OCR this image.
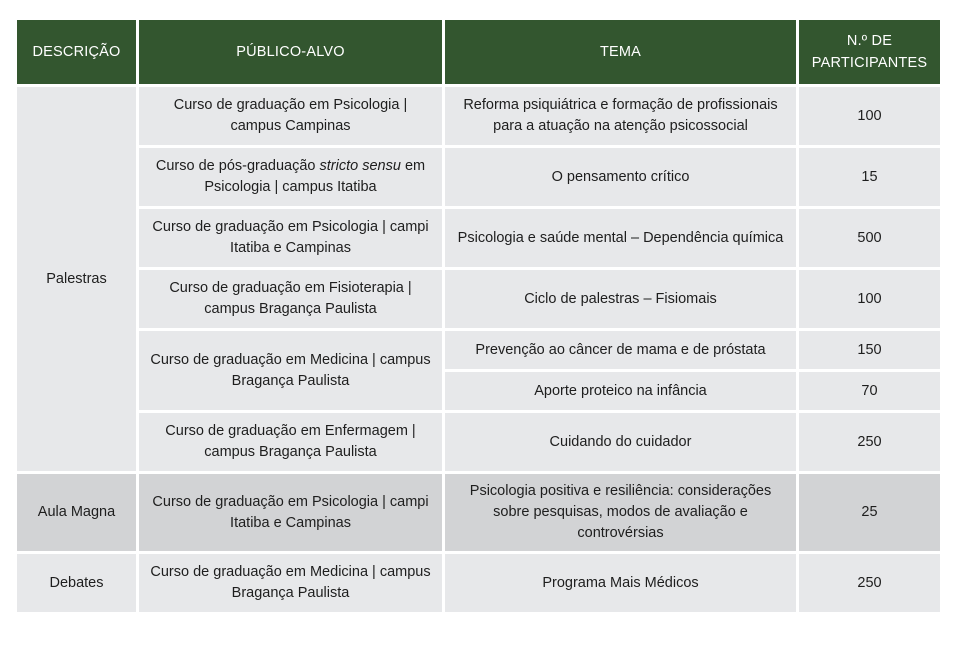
DESCRIÇÃO	PÚBLICO-ALVO	TEMA	N.º DE
PARTICIPANTES
Palestras	Curso de graduação em Psicologia | campus Campinas	Reforma psiquiátrica e formação de profissionais para a atuação na atenção psicossocial	100
	Curso de pós-graduação stricto sensu em Psicologia | campus Itatiba	O pensamento crítico	15
	Curso de graduação em Psicologia | campi Itatiba e Campinas	Psicologia e saúde mental – Dependência química	500
	Curso de graduação em Fisioterapia | campus Bragança Paulista	Ciclo de palestras – Fisiomais	100
	Curso de graduação em Medicina | campus Bragança Paulista	Prevenção ao câncer de mama e de próstata	150
		Aporte proteico na infância	70
	Curso de graduação em Enfermagem | campus Bragança Paulista	Cuidando do cuidador	250
Aula Magna	Curso de graduação em Psicologia | campi Itatiba e Campinas	Psicologia positiva e resiliência: considerações sobre pesquisas, modos de avaliação e controvérsias	25
Debates	Curso de graduação em Medicina | campus Bragança Paulista	Programa Mais Médicos	250
